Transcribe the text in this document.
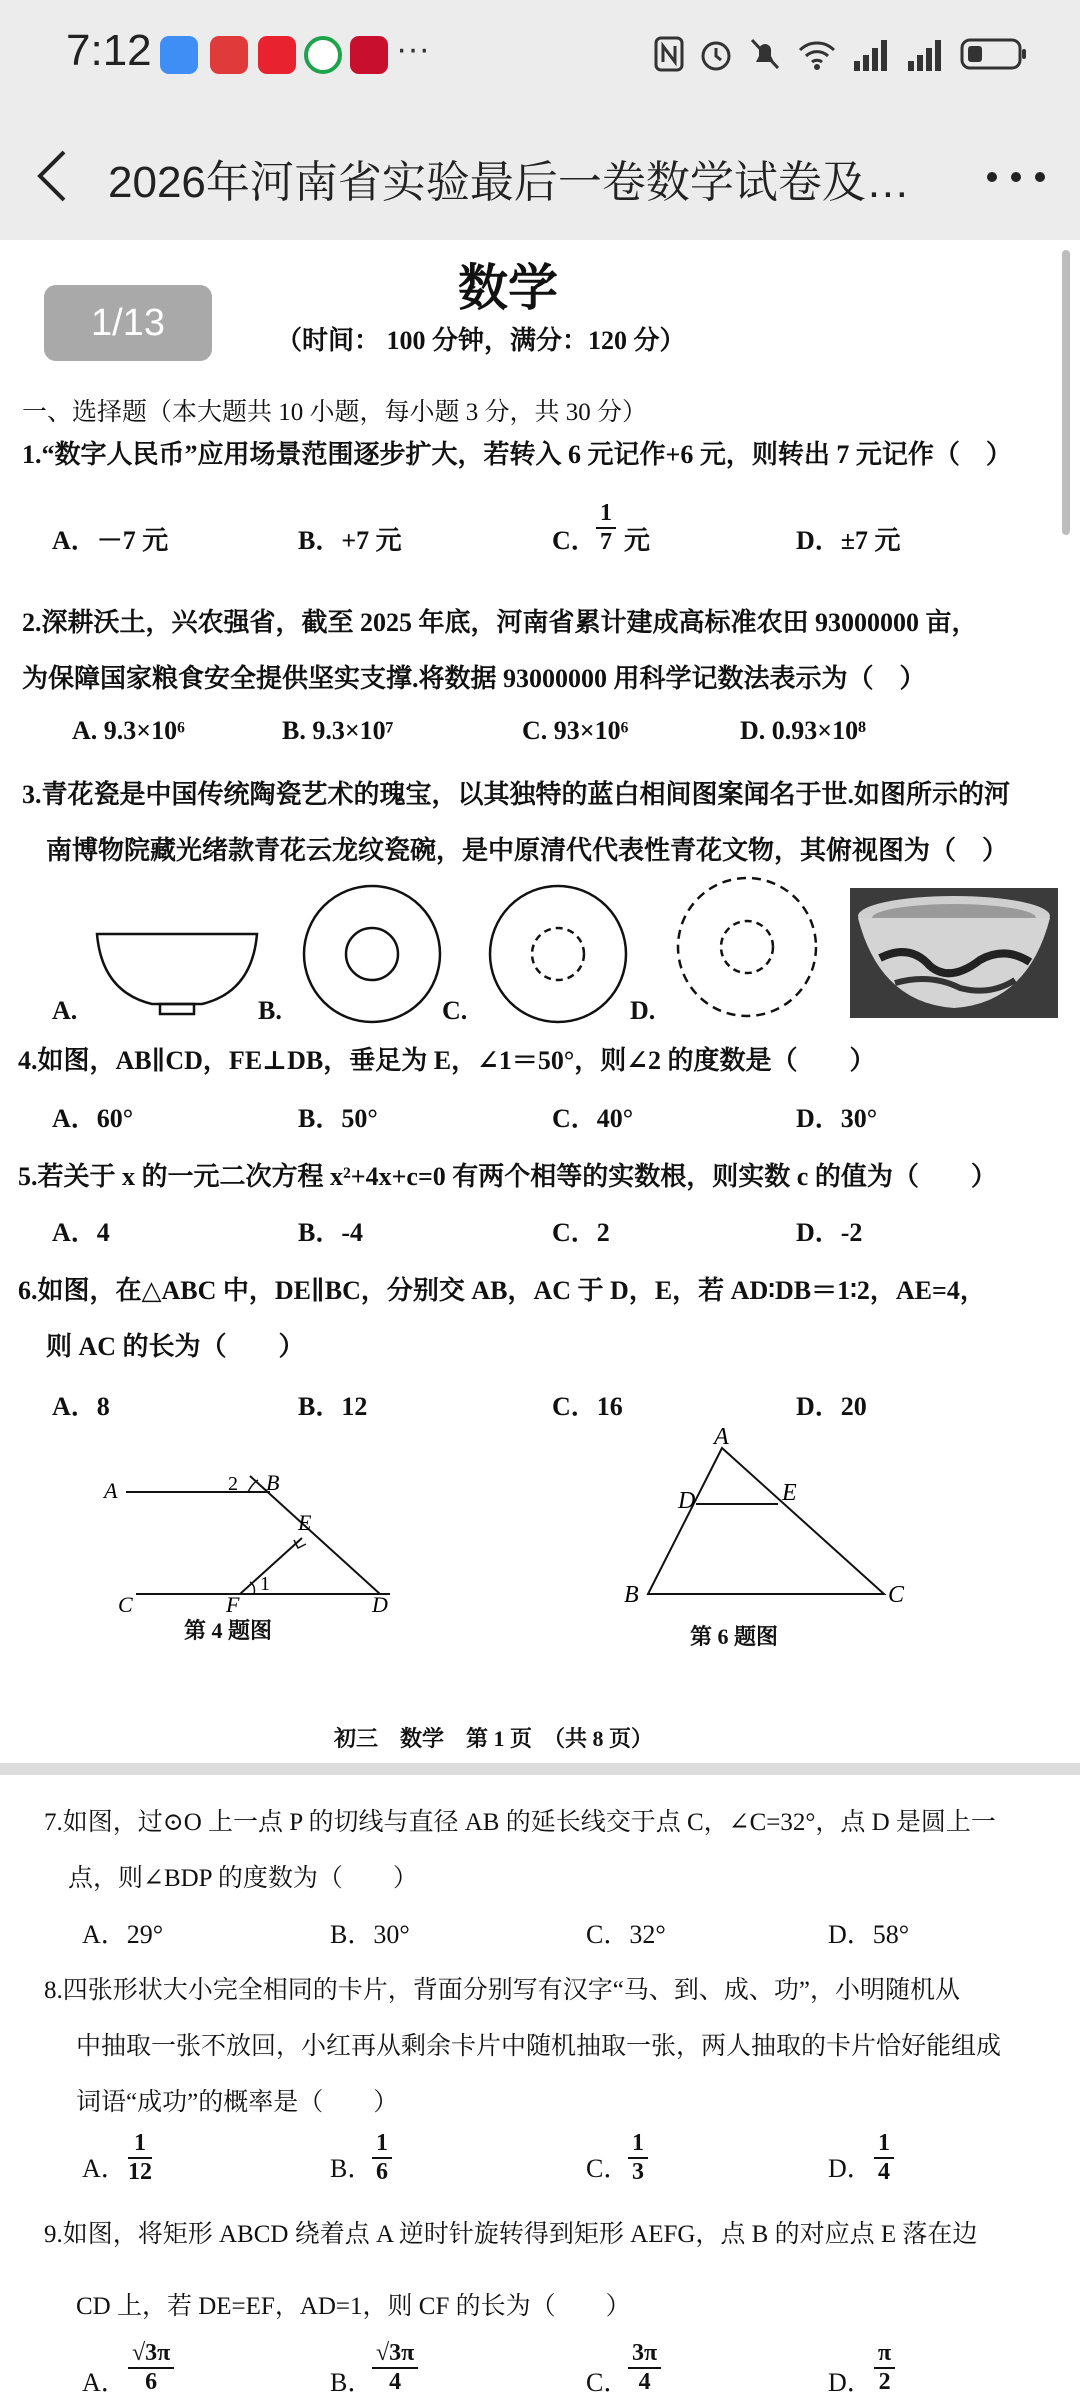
7:12	···
2026年河南省实验最后一卷数学试卷及…
1/13
数学
（时间： 100 分钟，满分：120 分）
一、选择题（本大题共 10 小题，每小题 3 分，共 30 分）
1.“数字人民币”应用场景范围逐步扩大，若转入 6 元记作+6 元，则转出 7 元记作（　）
A．－7 元	B．+7 元	C． $\frac{1}{7}$ 元	D．±7 元
2.深耕沃土，兴农强省，截至 2025 年底，河南省累计建成高标准农田 93000000 亩，
为保障国家粮食安全提供坚实支撑.将数据 93000000 用科学记数法表示为（　）
A. 9.3×10⁶	B. 9.3×10⁷	C. 93×10⁶	D. 0.93×10⁸
3.青花瓷是中国传统陶瓷艺术的瑰宝，以其独特的蓝白相间图案闻名于世.如图所示的河
南博物院藏光绪款青花云龙纹瓷碗，是中原清代代表性青花文物，其俯视图为（　）
A.	B.	C.	D.
4.如图，AB∥CD，FE⊥DB，垂足为 E，∠1＝50°，则∠2 的度数是（　　）
A．60°	B．50°	C．40°	D．30°
5.若关于 x 的一元二次方程 x²+4x+c=0 有两个相等的实数根，则实数 c 的值为（　　）
A．4	B．-4	C．2	D．-2
6.如图，在△ABC 中，DE∥BC，分别交 AB，AC 于 D，E，若 AD∶DB＝1∶2，AE=4，
则 AC 的长为（　　）
A．8	B．12	C．16	D．20
A	B
2
E
C	F
1
D
第 4 题图
A
D	E
B	C
第 6 题图
初三　数学　第 1 页　（共 8 页）
7.如图，过⊙O 上一点 P 的切线与直径 AB 的延长线交于点 C，∠C=32°，点 D 是圆上一
点，则∠BDP 的度数为（　　）
A．29°	B．30°	C．32°	D．58°
8.四张形状大小完全相同的卡片，背面分别写有汉字“马、到、成、功”，小明随机从
中抽取一张不放回，小红再从剩余卡片中随机抽取一张，两人抽取的卡片恰好能组成
词语“成功”的概率是（　　）
A． $\frac{1}{12}$	B．
$\frac{1}{6}$	C．
$\frac{1}{3}$	D． $\frac{1}{4}$
9.如图，将矩形 ABCD 绕着点 A 逆时针旋转得到矩形 AEFG，点 B 的对应点 E 落在边
CD 上，若 DE=EF，AD=1，则 CF 的长为（　　）
A． $\frac{√3\pi}{6}$	B．
$\frac{√3\pi}{4}$	C．
$\frac{3\pi}{4}$	D． $\frac{\pi}{2}$
